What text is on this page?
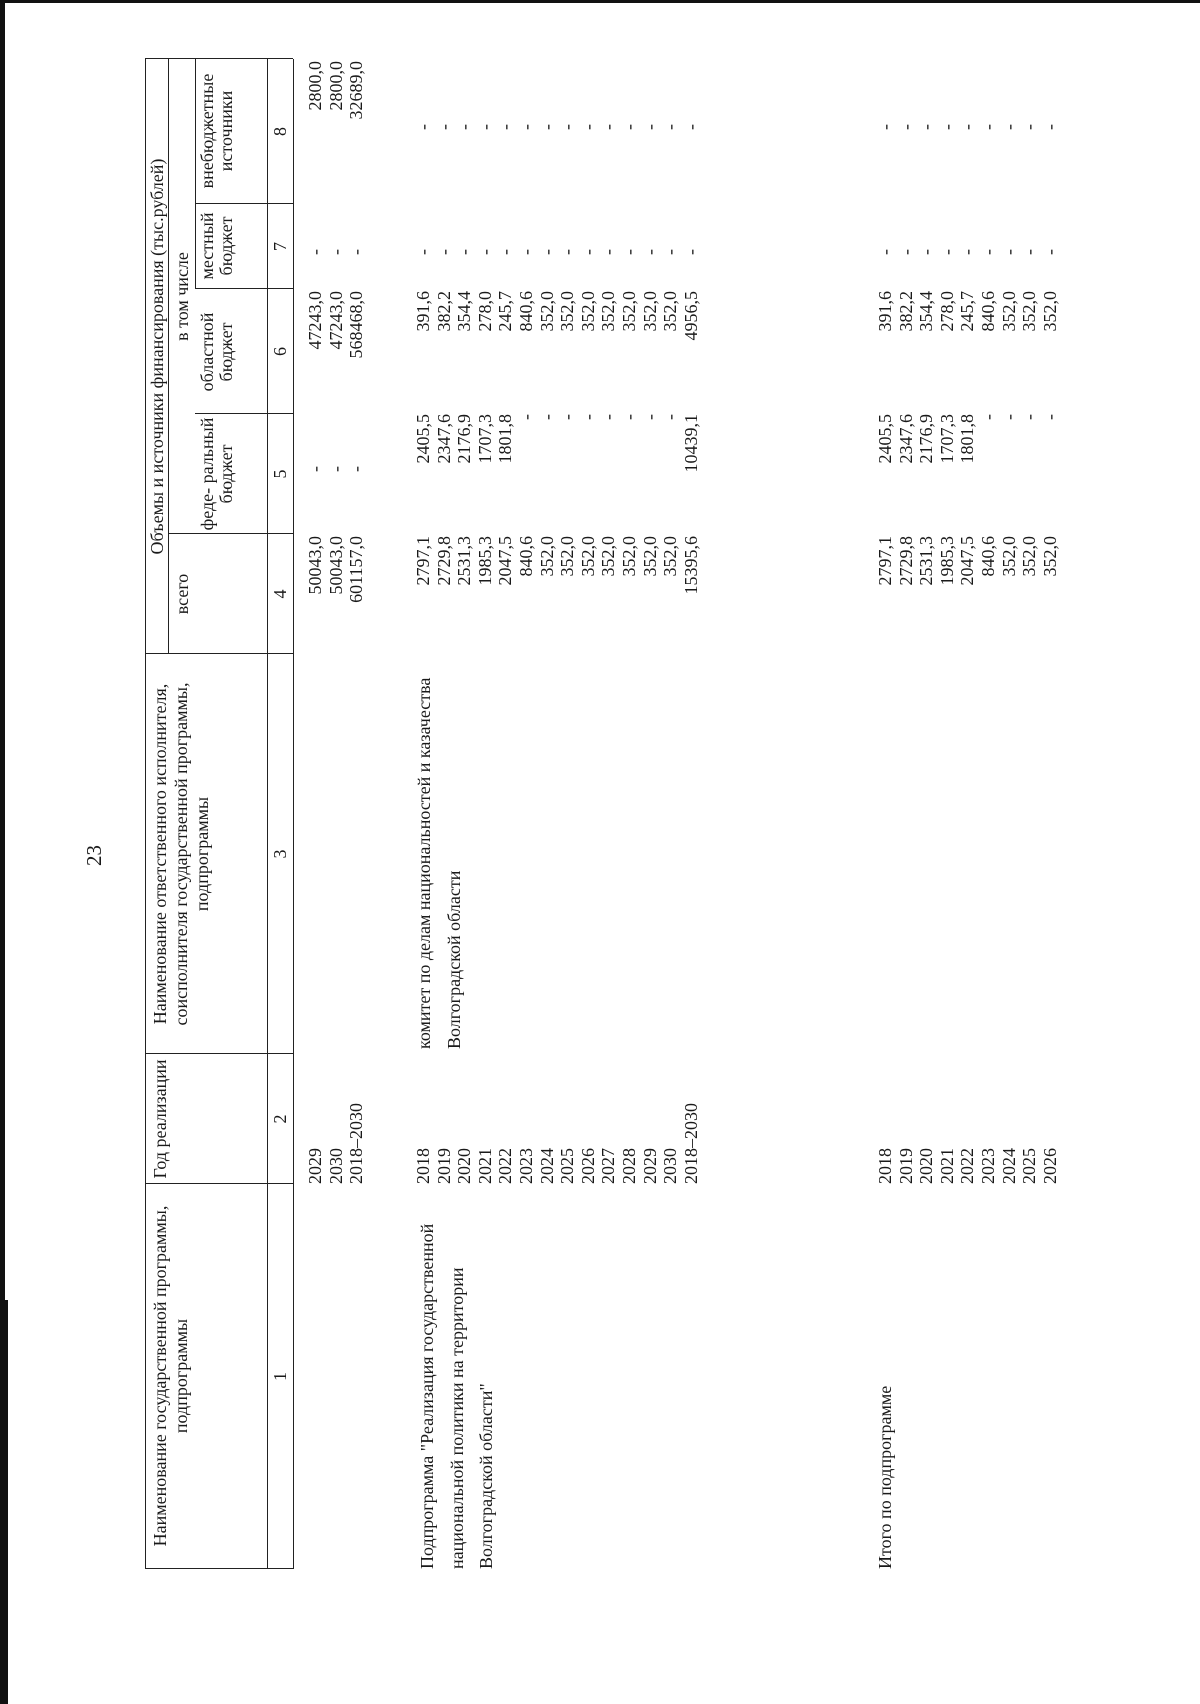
23
Наименование государственной программы, подпрограммы
Год реализации
Наименование ответственного исполнителя, соисполнителя государственной программы, подпрограммы
Объемы и источники финансирования (тыс.рублей)
всего
в том числе
феде- ральный бюджет
областной бюджет
местный бюджет
внебюджетные источники
1
2
3
4
5
6
7
8
2029
2030
2018–2030
50043,0
50043,0
601157,0
-
-
-
47243,0
47243,0
568468,0
-
-
-
2800,0
2800,0
32689,0
Подпрограмма "Реализация государственной национальной политики на территории Волгоградской области"
2018
2019
2020
2021
2022
2023
2024
2025
2026
2027
2028
2029
2030
2018–2030
комитет по делам национальностей и казачества Волгоградской области
2797,1
2729,8
2531,3
1985,3
2047,5
840,6
352,0
352,0
352,0
352,0
352,0
352,0
352,0
15395,6
2405,5
2347,6
2176,9
1707,3
1801,8
-
-
-
-
-
-
-
-
10439,1
391,6
382,2
354,4
278,0
245,7
840,6
352,0
352,0
352,0
352,0
352,0
352,0
352,0
4956,5
-
-
-
-
-
-
-
-
-
-
-
-
-
-
-
-
-
-
-
-
-
-
-
-
-
-
-
-
Итого по подпрограмме
2018
2019
2020
2021
2022
2023
2024
2025
2026
2797,1
2729,8
2531,3
1985,3
2047,5
840,6
352,0
352,0
352,0
2405,5
2347,6
2176,9
1707,3
1801,8
-
-
-
-
391,6
382,2
354,4
278,0
245,7
840,6
352,0
352,0
352,0
-
-
-
-
-
-
-
-
-
-
-
-
-
-
-
-
-
-
